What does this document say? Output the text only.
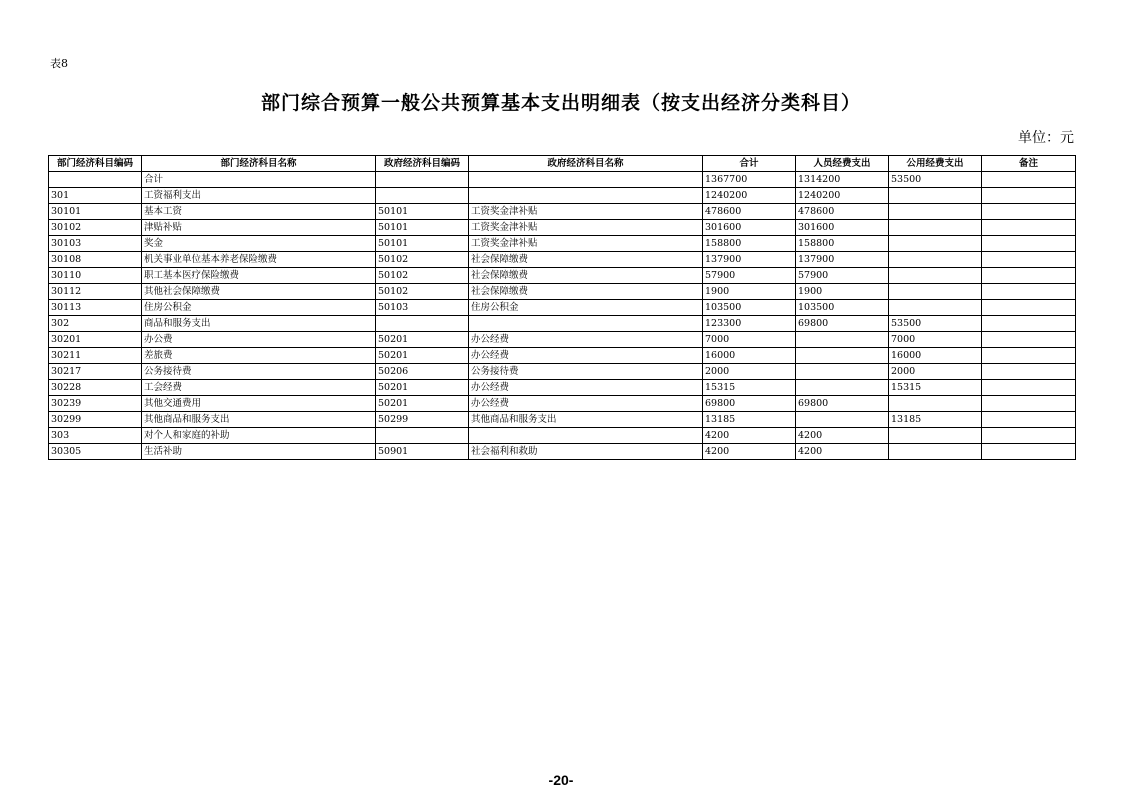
表8
部门综合预算一般公共预算基本支出明细表（按支出经济分类科目）
单位：元
部门经济科目编码	部门经济科目名称	政府经济科目编码	政府经济科目名称	合计	人员经费支出	公用经费支出	备注
	合计			1367700	1314200	53500	
301	工资福利支出			1240200	1240200		
30101	基本工资	50101	工资奖金津补贴	478600	478600		
30102	津贴补贴	50101	工资奖金津补贴	301600	301600		
30103	奖金	50101	工资奖金津补贴	158800	158800		
30108	机关事业单位基本养老保险缴费	50102	社会保障缴费	137900	137900		
30110	职工基本医疗保险缴费	50102	社会保障缴费	57900	57900		
30112	其他社会保障缴费	50102	社会保障缴费	1900	1900		
30113	住房公积金	50103	住房公积金	103500	103500		
302	商品和服务支出			123300	69800	53500	
30201	办公费	50201	办公经费	7000		7000	
30211	差旅费	50201	办公经费	16000		16000	
30217	公务接待费	50206	公务接待费	2000		2000	
30228	工会经费	50201	办公经费	15315		15315	
30239	其他交通费用	50201	办公经费	69800	69800		
30299	其他商品和服务支出	50299	其他商品和服务支出	13185		13185	
303	对个人和家庭的补助			4200	4200		
30305	生活补助	50901	社会福利和救助	4200	4200		
-20-
